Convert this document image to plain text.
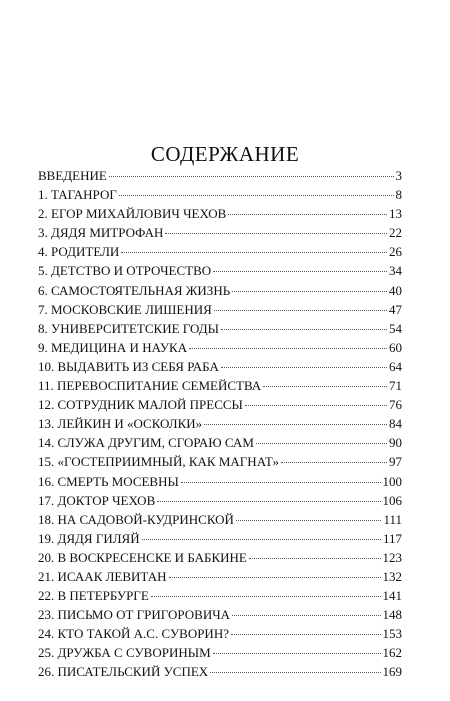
СОДЕРЖАНИЕ
ВВЕДЕНИЕ	3
1. ТАГАНРОГ	8
2. ЕГОР МИХАЙЛОВИЧ ЧЕХОВ	13
3. ДЯДЯ МИТРОФАН	22
4. РОДИТЕЛИ	26
5. ДЕТСТВО И ОТРОЧЕСТВО	34
6. САМОСТОЯТЕЛЬНАЯ ЖИЗНЬ	40
7. МОСКОВСКИЕ ЛИШЕНИЯ	47
8. УНИВЕРСИТЕТСКИЕ ГОДЫ	54
9. МЕДИЦИНА И НАУКА	60
10. ВЫДАВИТЬ ИЗ СЕБЯ РАБА	64
11. ПЕРЕВОСПИТАНИЕ СЕМЕЙСТВА	71
12. СОТРУДНИК МАЛОЙ ПРЕССЫ	76
13. ЛЕЙКИН И «ОСКОЛКИ»	84
14. СЛУЖА ДРУГИМ, СГОРАЮ САМ	90
15. «ГОСТЕПРИИМНЫЙ, КАК МАГНАТ»	97
16. СМЕРТЬ МОСЕВНЫ	100
17. ДОКТОР ЧЕХОВ	106
18. НА САДОВОЙ-КУДРИНСКОЙ	111
19. ДЯДЯ ГИЛЯЙ	117
20. В ВОСКРЕСЕНСКЕ И БАБКИНЕ	123
21. ИСААК ЛЕВИТАН	132
22. В ПЕТЕРБУРГЕ	141
23. ПИСЬМО ОТ ГРИГОРОВИЧА	148
24. КТО ТАКОЙ А.С. СУВОРИН?	153
25. ДРУЖБА С СУВОРИНЫМ	162
26. ПИСАТЕЛЬСКИЙ УСПЕХ	169
